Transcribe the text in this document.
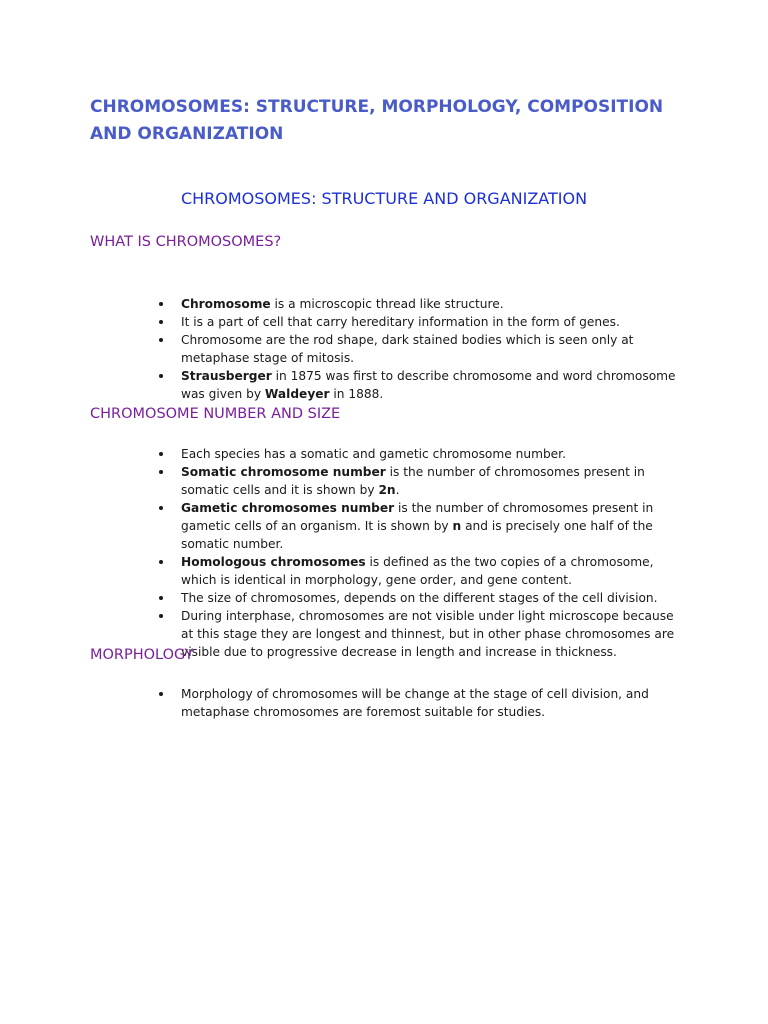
CHROMOSOMES: STRUCTURE, MORPHOLOGY, COMPOSITION AND ORGANIZATION
CHROMOSOMES: STRUCTURE AND ORGANIZATION
WHAT IS CHROMOSOMES?
Chromosome is a microscopic thread like structure.
It is a part of cell that carry hereditary information in the form of genes.
Chromosome are the rod shape, dark stained bodies which is seen only at metaphase stage of mitosis.
Strausberger in 1875 was first to describe chromosome and word chromosome was given by Waldeyer in 1888.
CHROMOSOME NUMBER AND SIZE
Each species has a somatic and gametic chromosome number.
Somatic chromosome number is the number of chromosomes present in somatic cells and it is shown by 2n.
Gametic chromosomes number is the number of chromosomes present in gametic cells of an organism. It is shown by n and is precisely one half of the somatic number.
Homologous chromosomes is defined as the two copies of a chromosome, which is identical in morphology, gene order, and gene content.
The size of chromosomes, depends on the different stages of the cell division.
During interphase, chromosomes are not visible under light microscope because at this stage they are longest and thinnest, but in other phase chromosomes are visible due to progressive decrease in length and increase in thickness.
MORPHOLOGY
Morphology of chromosomes will be change at the stage of cell division, and metaphase chromosomes are foremost suitable for studies.
